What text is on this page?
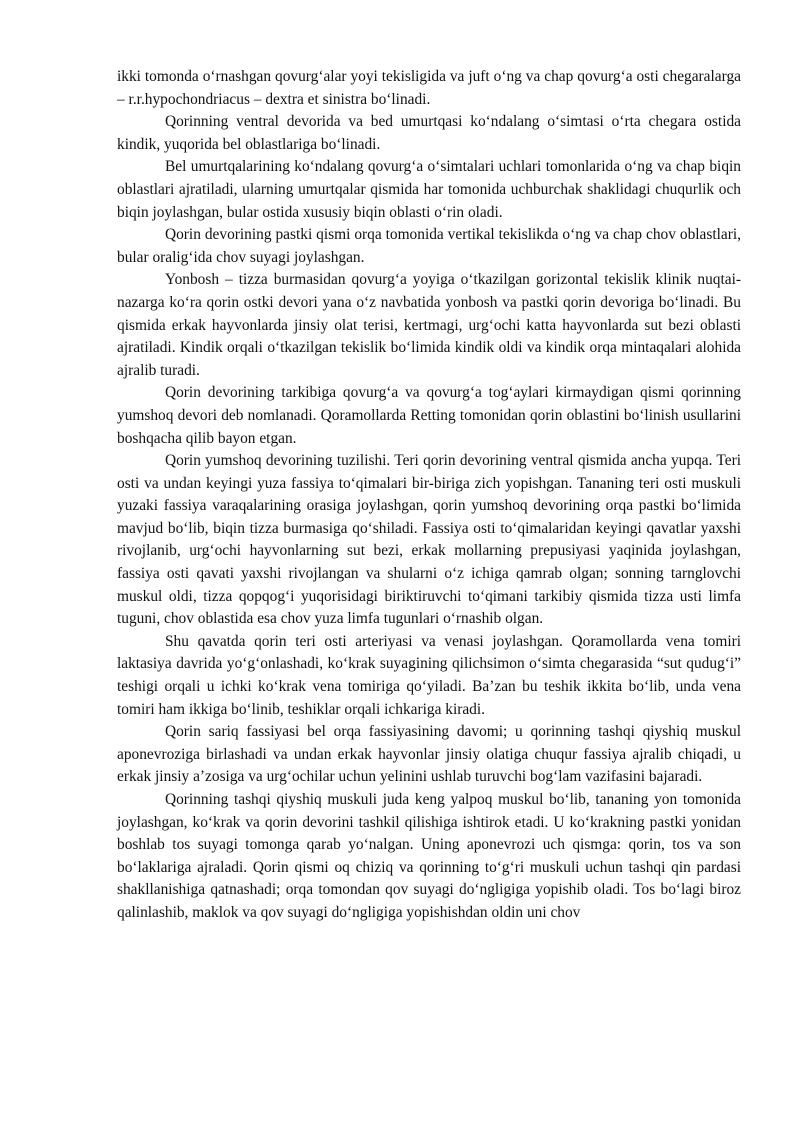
ikki tomonda o‘rnashgan qovurg‘alar yoyi tekisligida va juft o‘ng va chap qovurg‘a osti chegaralarga – r.r.hypochondriacus – dextra et sinistra bo‘linadi.

Qorinning ventral devorida va bed umurtqasi ko‘ndalang o‘simtasi o‘rta chegara ostida kindik, yuqorida bel oblastlariga bo‘linadi.

Bel umurtqalarining ko‘ndalang qovurg‘a o‘simtalari uchlari tomonlarida o‘ng va chap biqin oblastlari ajratiladi, ularning umurtqalar qismida har tomonida uchburchak shaklidagi chuqurlik och biqin joylashgan, bular ostida xususiy biqin oblasti o‘rin oladi.

Qorin devorining pastki qismi orqa tomonida vertikal tekislikda o‘ng va chap chov oblastlari, bular oralig‘ida chov suyagi joylashgan.

Yonbosh – tizza burmasidan qovurg‘a yoyiga o‘tkazilgan gorizontal tekislik klinik nuqtai-nazarga ko‘ra qorin ostki devori yana o‘z navbatida yonbosh va pastki qorin devoriga bo‘linadi. Bu qismida erkak hayvonlarda jinsiy olat terisi, kertmagi, urg‘ochi katta hayvonlarda sut bezi oblasti ajratiladi. Kindik orqali o‘tkazilgan tekislik bo‘limida kindik oldi va kindik orqa mintaqalari alohida ajralib turadi.

Qorin devorining tarkibiga qovurg‘a va qovurg‘a tog‘aylari kirmaydigan qismi qorinning yumshoq devori deb nomlanadi. Qoramollarda Retting tomonidan qorin oblastini bo‘linish usullarini boshqacha qilib bayon etgan.

Qorin yumshoq devorining tuzilishi. Teri qorin devorining ventral qismida ancha yupqa. Teri osti va undan keyingi yuza fassiya to‘qimalari bir-biriga zich yopishgan. Tananing teri osti muskuli yuzaki fassiya varaqalarining orasiga joylashgan, qorin yumshoq devorining orqa pastki bo‘limida mavjud bo‘lib, biqin tizza burmasiga qo‘shiladi. Fassiya osti to‘qimalaridan keyingi qavatlar yaxshi rivojlanib, urg‘ochi hayvonlarning sut bezi, erkak mollarning prepusiyasi yaqinida joylashgan, fassiya osti qavati yaxshi rivojlangan va shularni o‘z ichiga qamrab olgan; sonning tarnglovchi muskul oldi, tizza qopqog‘i yuqorisidagi biriktiruvchi to‘qimani tarkibiy qismida tizza usti limfa tuguni, chov oblastida esa chov yuza limfa tugunlari o‘rnashib olgan.

Shu qavatda qorin teri osti arteriyasi va venasi joylashgan. Qoramollarda vena tomiri laktasiya davrida yo‘g‘onlashadi, ko‘krak suyagining qilichsimon o‘simta chegarasida “sut qudug‘i” teshigi orqali u ichki ko‘krak vena tomiriga qo‘yiladi. Ba’zan bu teshik ikkita bo‘lib, unda vena tomiri ham ikkiga bo‘linib, teshiklar orqali ichkariga kiradi.

Qorin sariq fassiyasi bel orqa fassiyasining davomi; u qorinning tashqi qiyshiq muskul aponevroziga birlashadi va undan erkak hayvonlar jinsiy olatiga chuqur fassiya ajralib chiqadi, u erkak jinsiy a’zosiga va urg‘ochilar uchun yelinini ushlab turuvchi bog‘lam vazifasini bajaradi.

Qorinning tashqi qiyshiq muskuli juda keng yalpoq muskul bo‘lib, tananing yon tomonida joylashgan, ko‘krak va qorin devorini tashkil qilishiga ishtirok etadi. U ko‘krakning pastki yonidan boshlab tos suyagi tomonga qarab yo‘nalgan. Uning aponevrozi uch qismga: qorin, tos va son bo‘laklariga ajraladi. Qorin qismi oq chiziq va qorinning to‘g‘ri muskuli uchun tashqi qin pardasi shakllanishiga qatnashadi; orqa tomondan qov suyagi do‘ngligiga yopishib oladi. Tos bo‘lagi biroz qalinlashib, maklok va qov suyagi do‘ngligiga yopishishdan oldin uni chov
